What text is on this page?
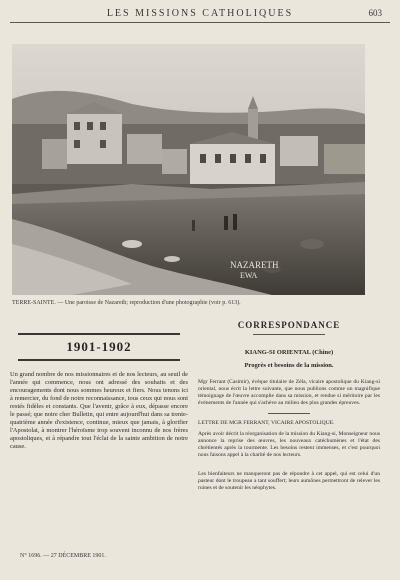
LES MISSIONS CATHOLIQUES	603
NAZARETH
EWA
TERRE-SAINTE. — Une paroisse de Nazareth; reproduction d'une photographie (voir p. 613).
1901-1902
Un grand nombre de nos missionnaires et de nos lecteurs, au seuil de l'année qui commence, nous ont adressé des souhaits et des encouragements dont nous sommes heureux et fiers. Nous tenons ici à remercier, du fond de notre reconnaissance, tous ceux qui nous sont restés fidèles et constants. Que l'avenir, grâce à eux, dépasse encore le passé; que notre cher Bulletin, qui entre aujourd'hui dans sa trente-quatrième année d'existence, continue, mieux que jamais, à glorifier l'Apostolat, à montrer l'héroïsme trop souvent inconnu de nos frères apostoliques, et à répandre tout l'éclat de la sainte ambition de notre cause.
N° 1696. — 27 DÉCEMBRE 1901.
CORRESPONDANCE
KIANG-SI ORIENTAL (Chine)
Progrès et besoins de la mission.
Mgr Ferrant (Casimir), évêque titulaire de Zéla, vicaire apostolique du Kiang-si oriental, nous écrit la lettre suivante, que nous publions comme un magnifique témoignage de l'œuvre accomplie dans sa mission, et rendue si méritoire par les événements de l'année qui s'achève au milieu des plus grandes épreuves.
LETTRE DE MGR FERRANT, VICAIRE APOSTOLIQUE.
Après avoir décrit la réorganisation de la mission du Kiang-si, Monseigneur nous annonce la reprise des œuvres, les nouveaux catéchumènes et l'état des chrétientés après la tourmente. Les besoins restent immenses, et c'est pourquoi nous faisons appel à la charité de nos lecteurs.
Les bienfaiteurs ne manqueront pas de répondre à cet appel, qui est celui d'un pasteur dont le troupeau a tant souffert; leurs aumônes permettront de relever les ruines et de soutenir les néophytes.
